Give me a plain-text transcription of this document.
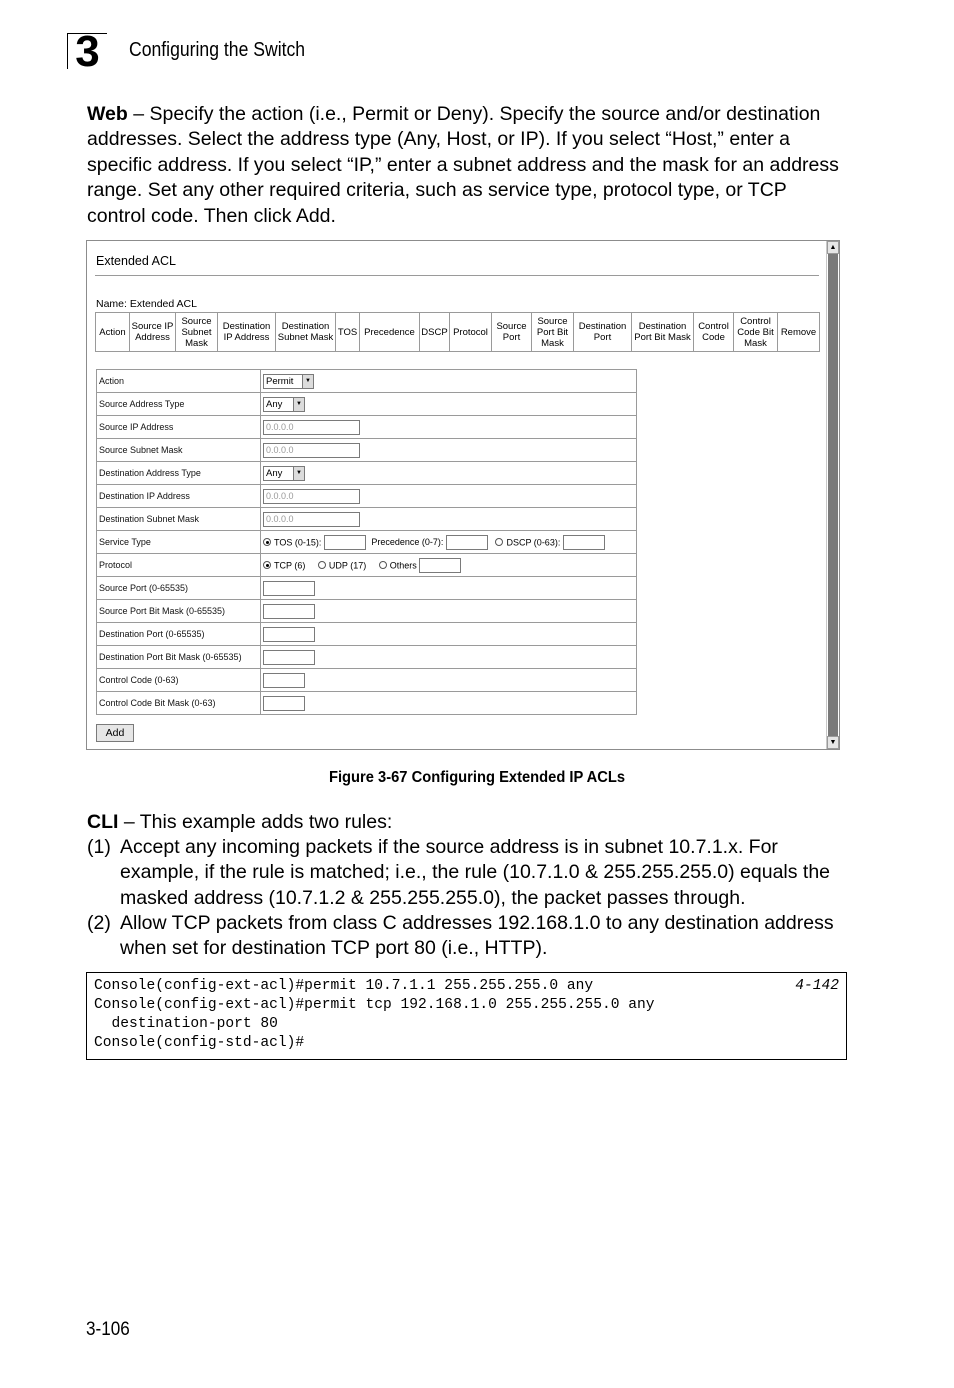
3	Configuring the Switch
Web – Specify the action (i.e., Permit or Deny). Specify the source and/or destination addresses. Select the address type (Any, Host, or IP). If you select “Host,” enter a specific address. If you select “IP,” enter a subnet address and the mask for an address range. Set any other required criteria, such as service type, protocol type, or TCP control code. Then click Add.
Extended ACL
Name: Extended ACL
Action	Source IP Address	Source Subnet Mask	Destination IP Address	Destination Subnet Mask	TOS	Precedence	DSCP	Protocol	Source Port	Source Port Bit Mask	Destination Port	Destination Port Bit Mask	Control Code	Control Code Bit Mask	Remove
Action	Permit ▼

Source Address Type	Any ▼

Source IP Address	0.0.0.0
Source Subnet Mask	0.0.0.0
Destination Address Type	Any ▼

Destination IP Address	0.0.0.0
Destination Subnet Mask	0.0.0.0
Service Type	TOS (0-15): Precedence (0-7): DSCP (0-63):
Protocol	TCP (6) UDP (17) Others
Source Port (0-65535)	
Source Port Bit Mask (0-65535)	
Destination Port (0-65535)	
Destination Port Bit Mask (0-65535)	
Control Code (0-63)	
Control Code Bit Mask (0-63)	
Add
▲
▼
Figure 3-67 Configuring Extended IP ACLs
CLI – This example adds two rules:
(1) Accept any incoming packets if the source address is in subnet 10.7.1.x. For example, if the rule is matched; i.e., the rule (10.7.1.0 & 255.255.255.0) equals the masked address (10.7.1.2 & 255.255.255.0), the packet passes through.
(2) Allow TCP packets from class C addresses 192.168.1.0 to any destination address when set for destination TCP port 80 (i.e., HTTP).
Console(config-ext-acl)#permit 10.7.1.1 255.255.255.0 any	4-142
Console(config-ext-acl)#permit tcp 192.168.1.0 255.255.255.0 any
destination-port 80
Console(config-std-acl)#
3-106
